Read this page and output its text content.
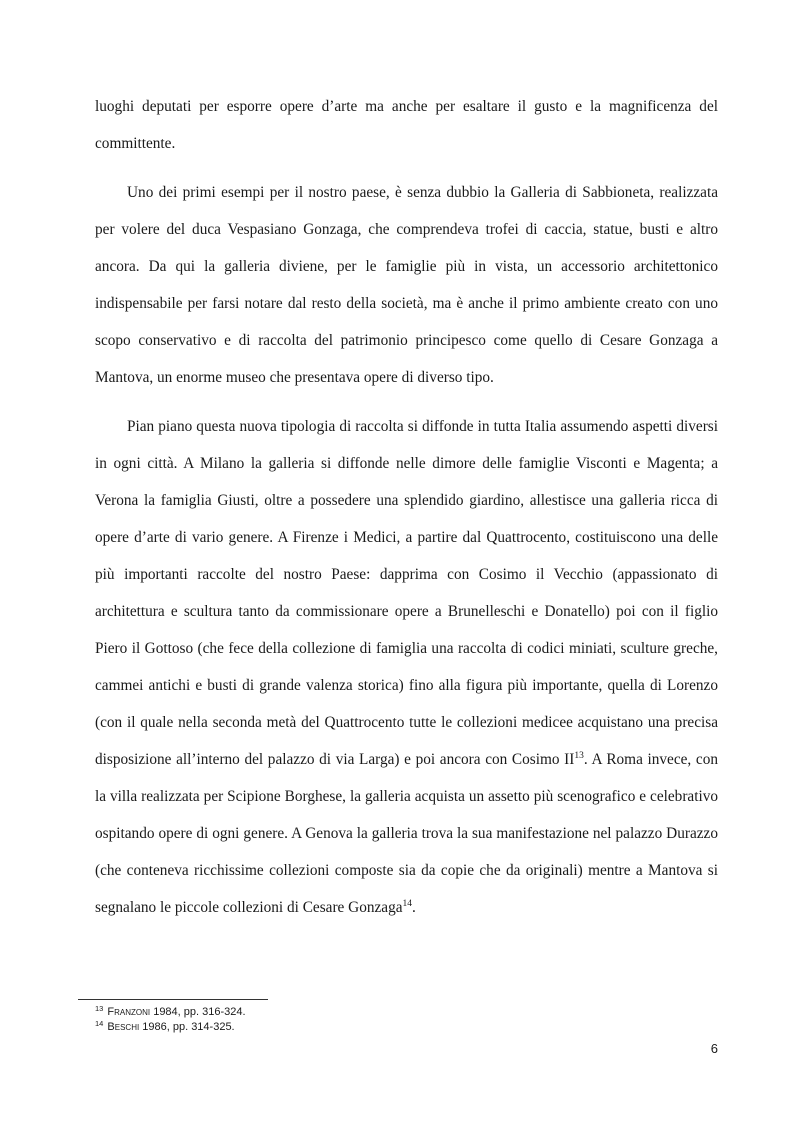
luoghi deputati per esporre opere d’arte ma anche per esaltare il gusto e la magnificenza del committente.

Uno dei primi esempi per il nostro paese, è senza dubbio la Galleria di Sabbioneta, realizzata per volere del duca Vespasiano Gonzaga, che comprendeva trofei di caccia, statue, busti e altro ancora. Da qui la galleria diviene, per le famiglie più in vista, un accessorio architettonico indispensabile per farsi notare dal resto della società, ma è anche il primo ambiente creato con uno scopo conservativo e di raccolta del patrimonio principesco come quello di Cesare Gonzaga a Mantova, un enorme museo che presentava opere di diverso tipo.

Pian piano questa nuova tipologia di raccolta si diffonde in tutta Italia assumendo aspetti diversi in ogni città. A Milano la galleria si diffonde nelle dimore delle famiglie Visconti e Magenta; a Verona la famiglia Giusti, oltre a possedere una splendido giardino, allestisce una galleria ricca di opere d’arte di vario genere. A Firenze i Medici, a partire dal Quattrocento, costituiscono una delle più importanti raccolte del nostro Paese: dapprima con Cosimo il Vecchio (appassionato di architettura e scultura tanto da commissionare opere a Brunelleschi e Donatello) poi con il figlio Piero il Gottoso (che fece della collezione di famiglia una raccolta di codici miniati, sculture greche, cammei antichi e busti di grande valenza storica) fino alla figura più importante, quella di Lorenzo (con il quale nella seconda metà del Quattrocento tutte le collezioni medicee acquistano una precisa disposizione all’interno del palazzo di via Larga) e poi ancora con Cosimo II$^{13}$. A Roma invece, con la villa realizzata per Scipione Borghese, la galleria acquista un assetto più scenografico e celebrativo ospitando opere di ogni genere. A Genova la galleria trova la sua manifestazione nel palazzo Durazzo (che conteneva ricchissime collezioni composte sia da copie che da originali) mentre a Mantova si segnalano le piccole collezioni di Cesare Gonzaga$^{14}$.

$^{13}$ Franzoni 1984, pp. 316-324.
$^{14}$ Beschi 1986, pp. 314-325.
6
